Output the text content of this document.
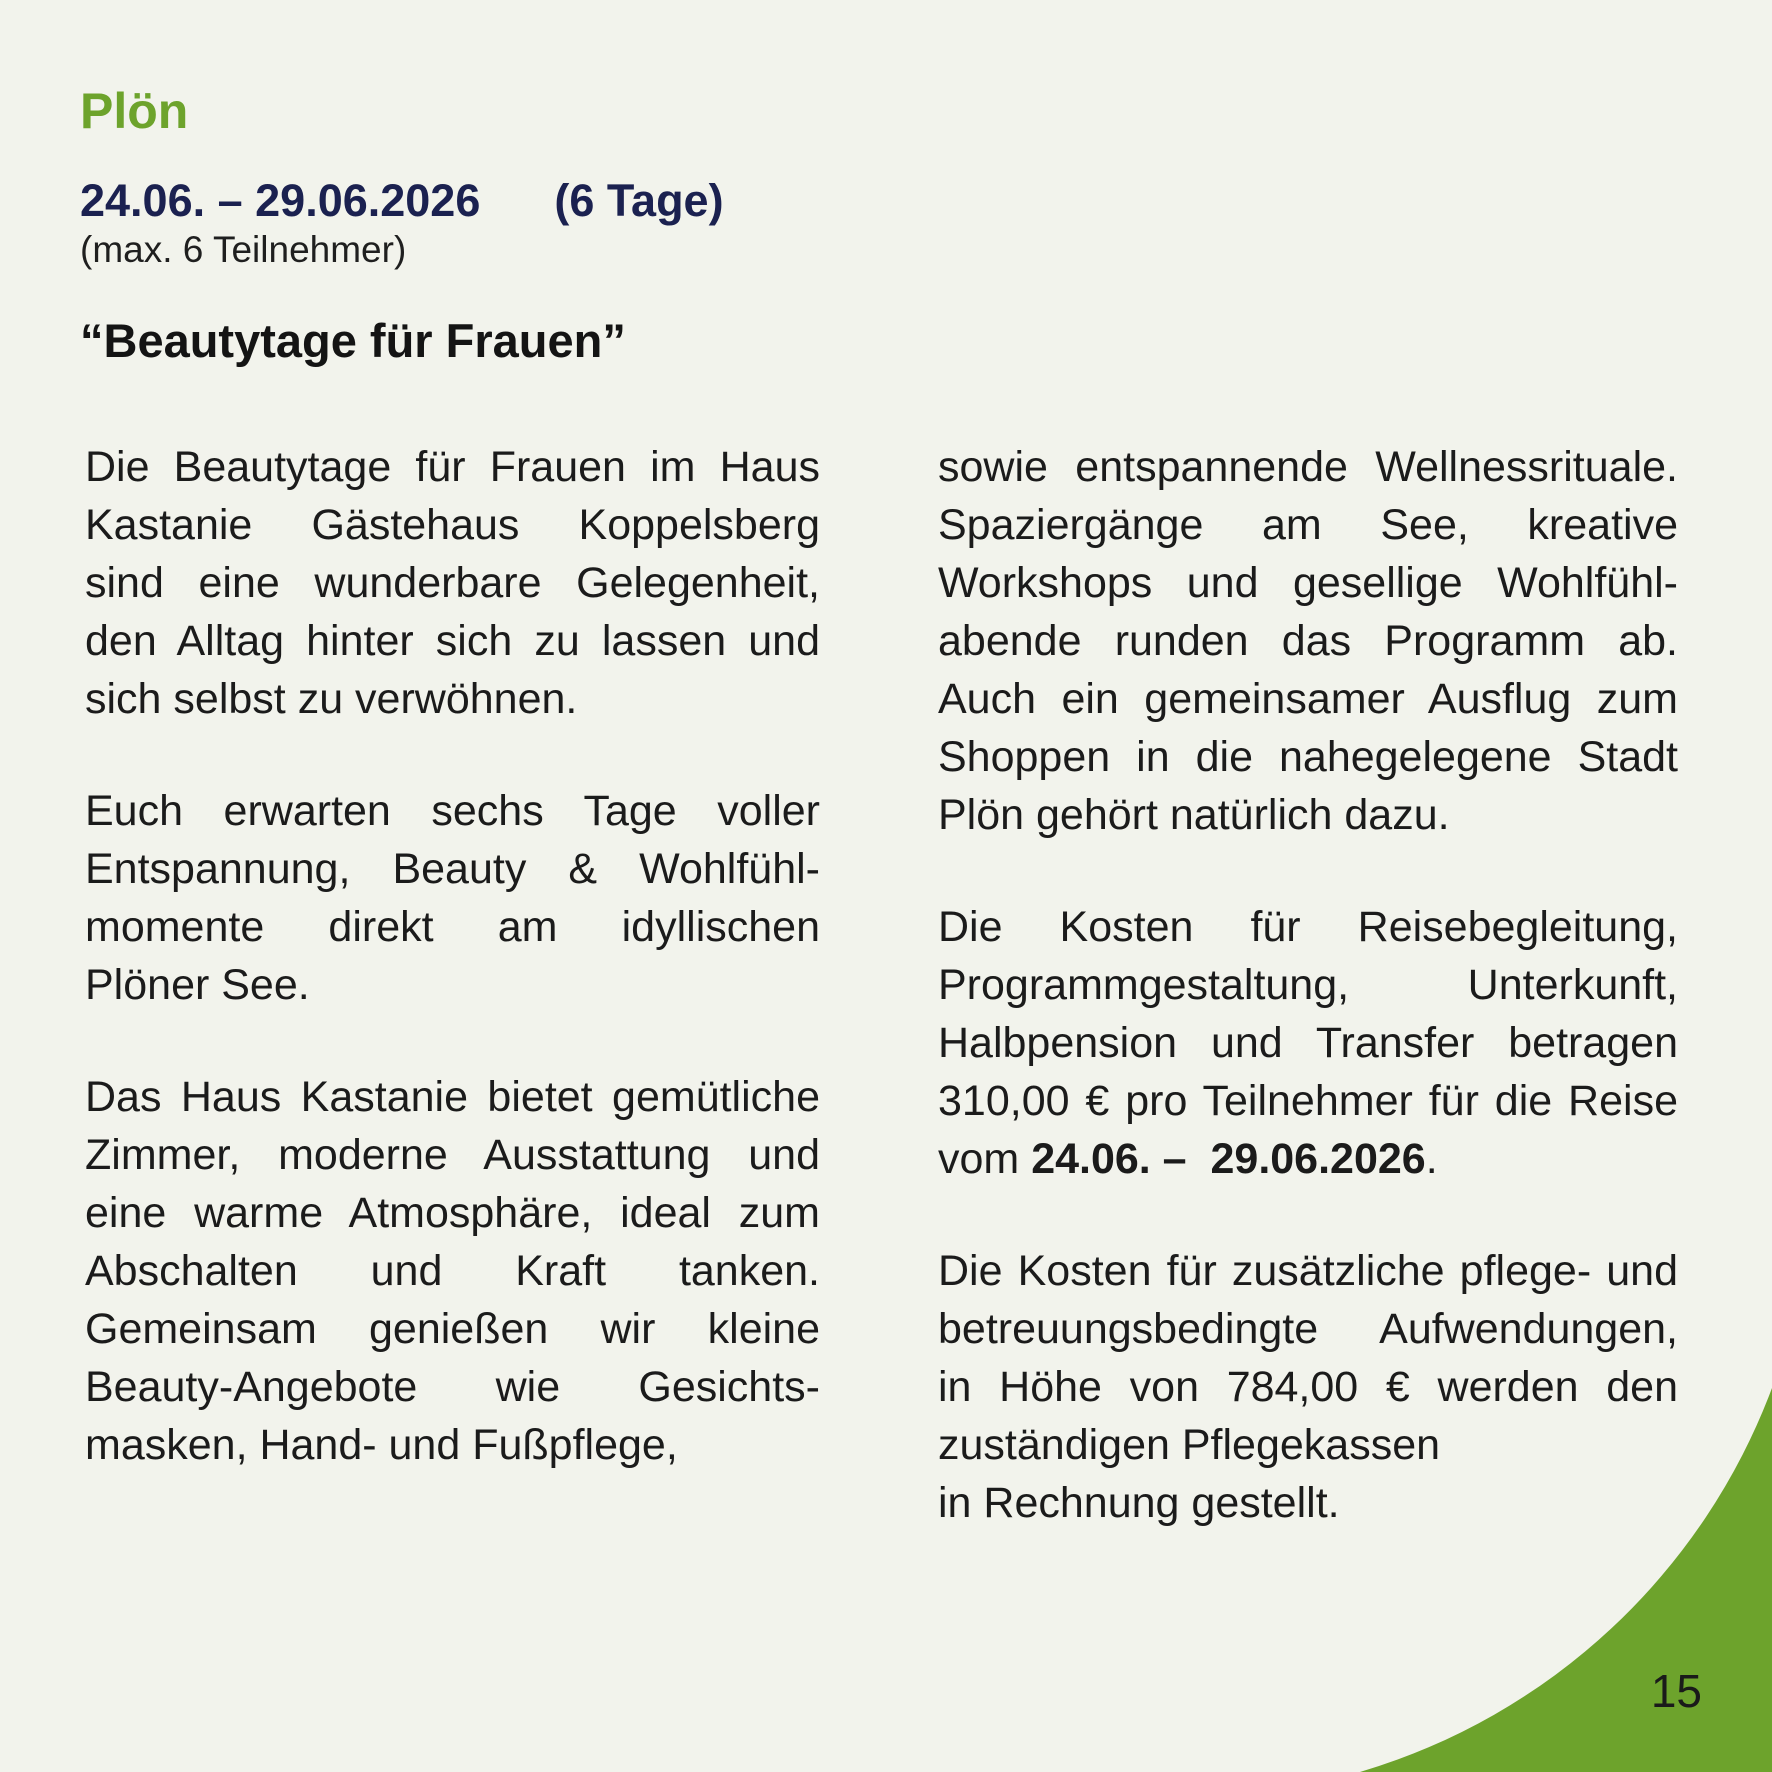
Plön
24.06. – 29.06.2026 (6 Tage)
(max. 6 Teilnehmer)
“Beautytage für Frauen”
Die Beautytage für Frauen im Haus
Kastanie Gästehaus Koppelsberg
sind eine wunderbare Gelegenheit,
den Alltag hinter sich zu lassen und
sich selbst zu verwöhnen.
Euch erwarten sechs Tage voller
Entspannung, Beauty & Wohlfühl-
momente direkt am idyllischen
Plöner See.
Das Haus Kastanie bietet gemütliche
Zimmer, moderne Ausstattung und
eine warme Atmosphäre, ideal zum
Abschalten und Kraft tanken.
Gemeinsam genießen wir kleine
Beauty-Angebote wie Gesichts-
masken, Hand- und Fußpflege,
sowie entspannende Wellnessrituale.
Spaziergänge am See, kreative
Workshops und gesellige Wohlfühl-
abende runden das Programm ab.
Auch ein gemeinsamer Ausflug zum
Shoppen in die nahegelegene Stadt
Plön gehört natürlich dazu.
Die Kosten für Reisebegleitung,
Programmgestaltung, Unterkunft,
Halbpension und Transfer betragen
310,00 € pro Teilnehmer für die Reise
vom 24.06. –  29.06.2026.
Die Kosten für zusätzliche pflege- und
betreuungsbedingte Aufwendungen,
in Höhe von 784,00 € werden den
zuständigen Pflegekassen
in Rechnung gestellt.
15
